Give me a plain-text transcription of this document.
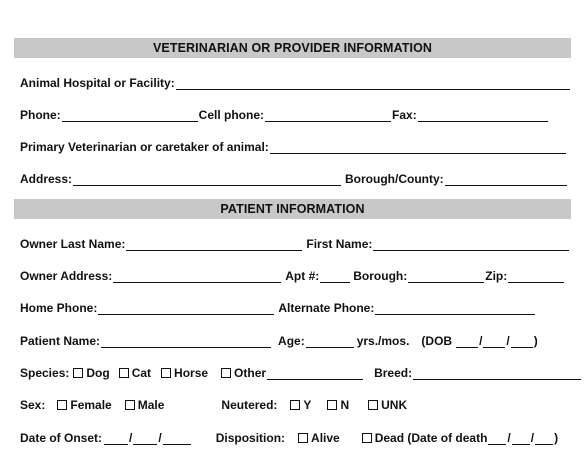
VETERINARIAN OR PROVIDER INFORMATION
Animal Hospital or Facility:
Phone:	Cell phone:	Fax:
Primary Veterinarian or caretaker of animal:
Address:	Borough/County:
PATIENT INFORMATION
Owner Last Name:	First Name:
Owner Address:	Apt #:	Borough:	Zip:
Home Phone:	Alternate Phone:
Patient Name:	Age:	yrs./mos. (DOB / / )
Species: Dog Cat Horse Other	Breed:
Sex: Female Male	Neutered: Y N	UNK
Date of Onset: / /	Disposition: Alive	Dead (Date of death / / )
